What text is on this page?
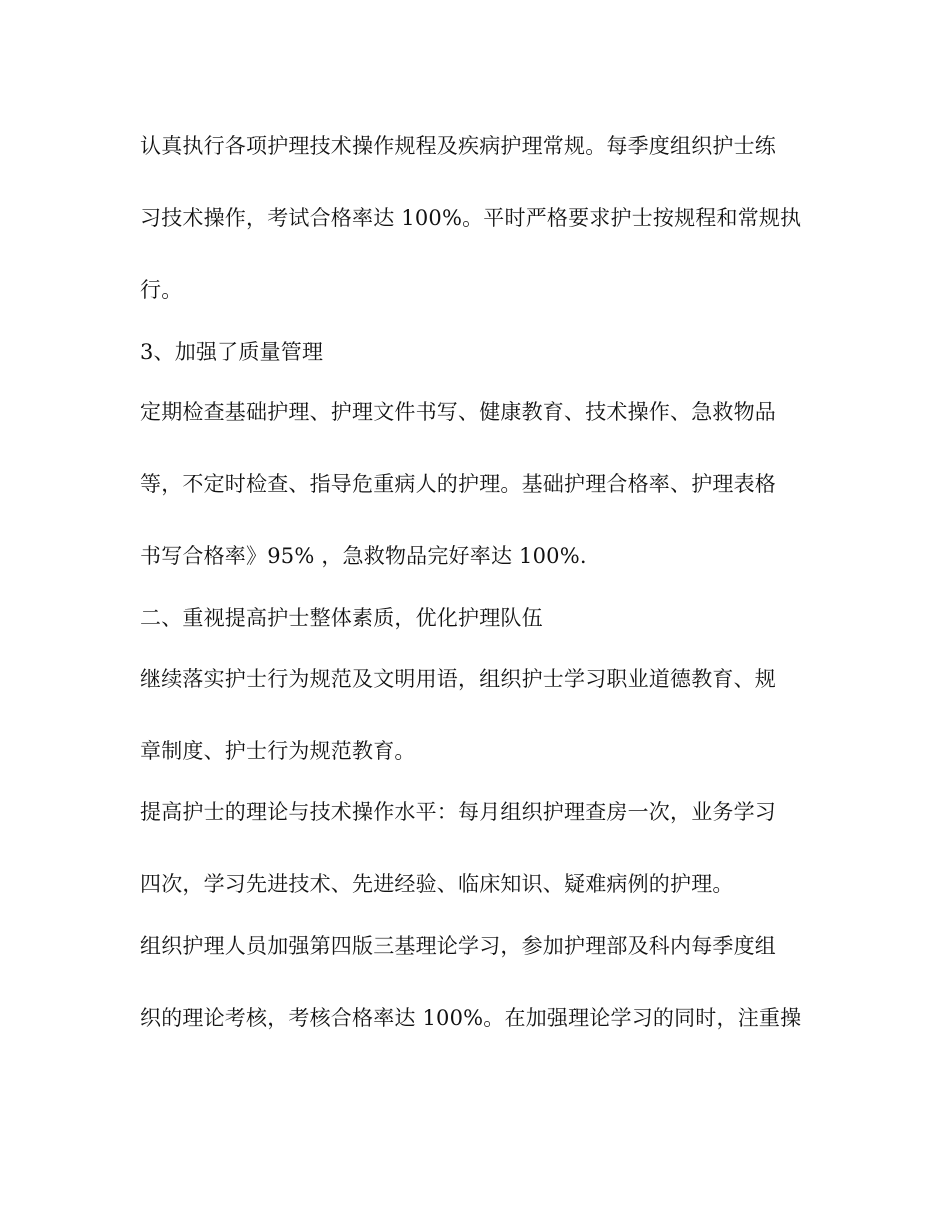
认真执行各项护理技术操作规程及疾病护理常规。每季度组织护士练
习技术操作，考试合格率达 100%。平时严格要求护士按规程和常规执
行。
3、加强了质量管理
定期检查基础护理、护理文件书写、健康教育、技术操作、急救物品
等，不定时检查、指导危重病人的护理。基础护理合格率、护理表格
书写合格率》95% ，急救物品完好率达 100%.
二、重视提高护士整体素质，优化护理队伍
继续落实护士行为规范及文明用语，组织护士学习职业道德教育、规
章制度、护士行为规范教育。
提高护士的理论与技术操作水平：每月组织护理查房一次，业务学习
四次，学习先进技术、先进经验、临床知识、疑难病例的护理。
组织护理人员加强第四版三基理论学习，参加护理部及科内每季度组
织的理论考核，考核合格率达 100%。在加强理论学习的同时，注重操
